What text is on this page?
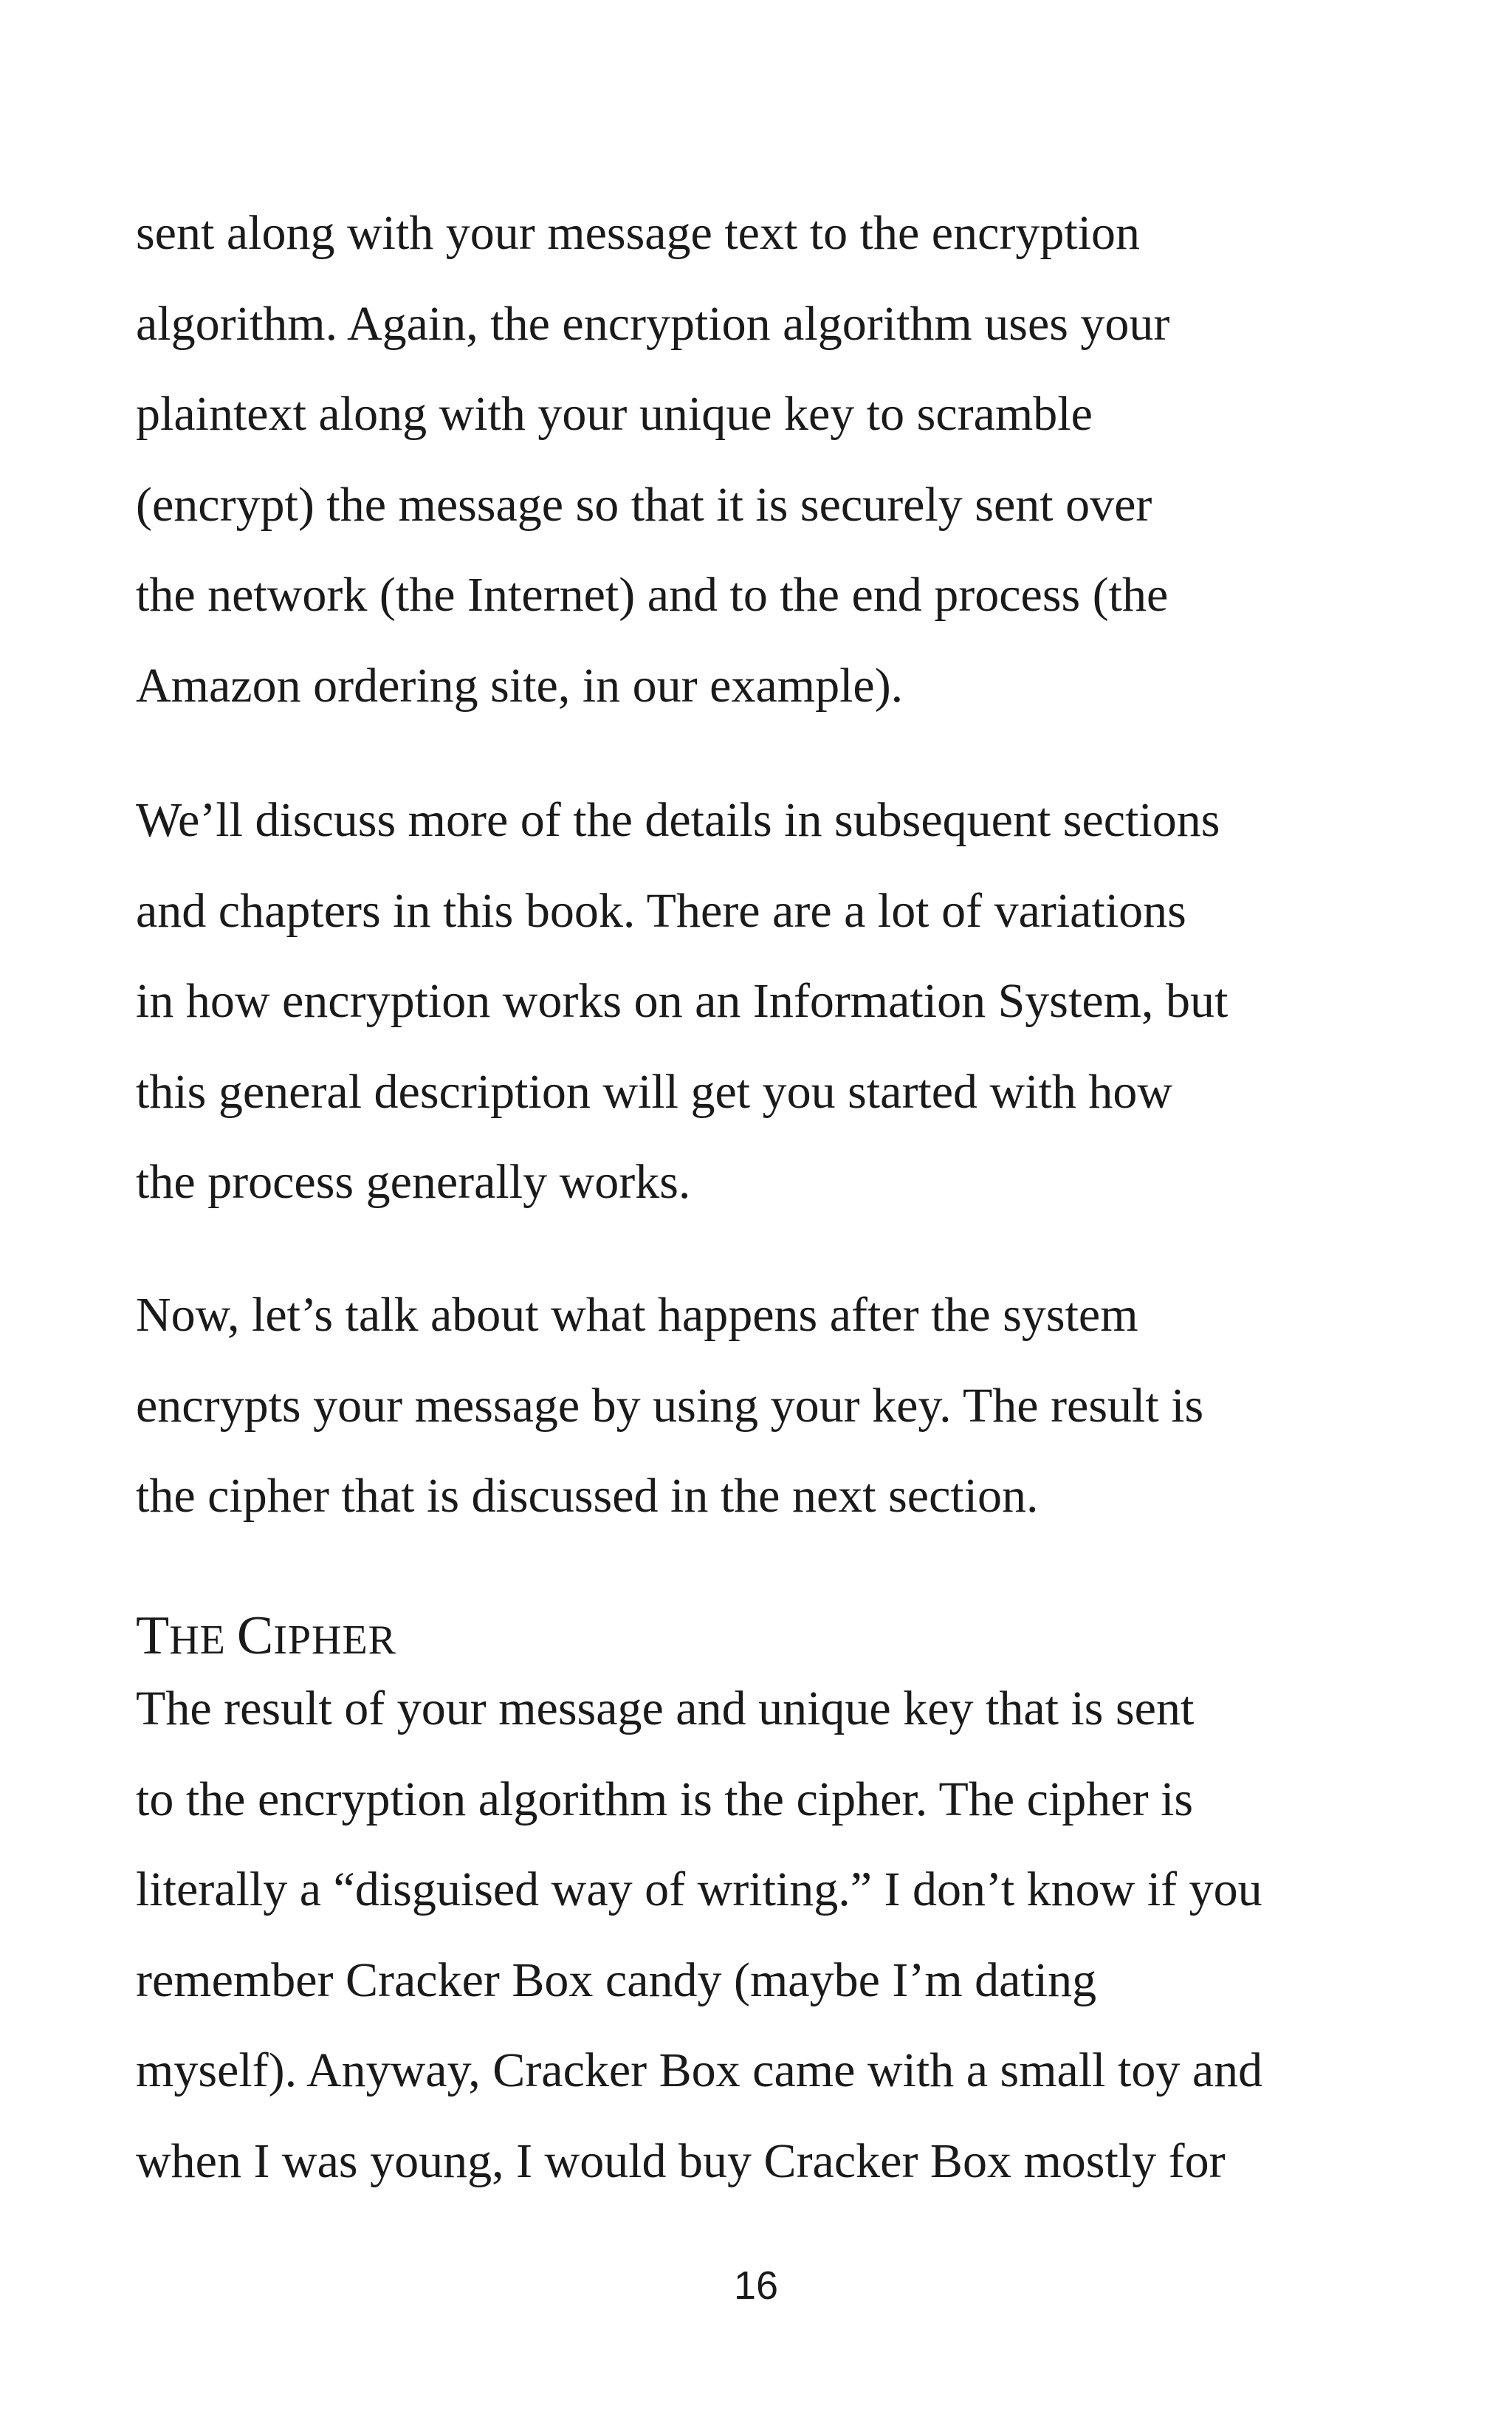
sent along with your message text to the encryption
algorithm. Again, the encryption algorithm uses your
plaintext along with your unique key to scramble
(encrypt) the message so that it is securely sent over
the network (the Internet) and to the end process (the
Amazon ordering site, in our example).
We’ll discuss more of the details in subsequent sections
and chapters in this book. There are a lot of variations
in how encryption works on an Information System, but
this general description will get you started with how
the process generally works.
Now, let’s talk about what happens after the system
encrypts your message by using your key. The result is
the cipher that is discussed in the next section.
THE CIPHER
The result of your message and unique key that is sent
to the encryption algorithm is the cipher. The cipher is
literally a “disguised way of writing.” I don’t know if you
remember Cracker Box candy (maybe I’m dating
myself). Anyway, Cracker Box came with a small toy and
when I was young, I would buy Cracker Box mostly for
16
